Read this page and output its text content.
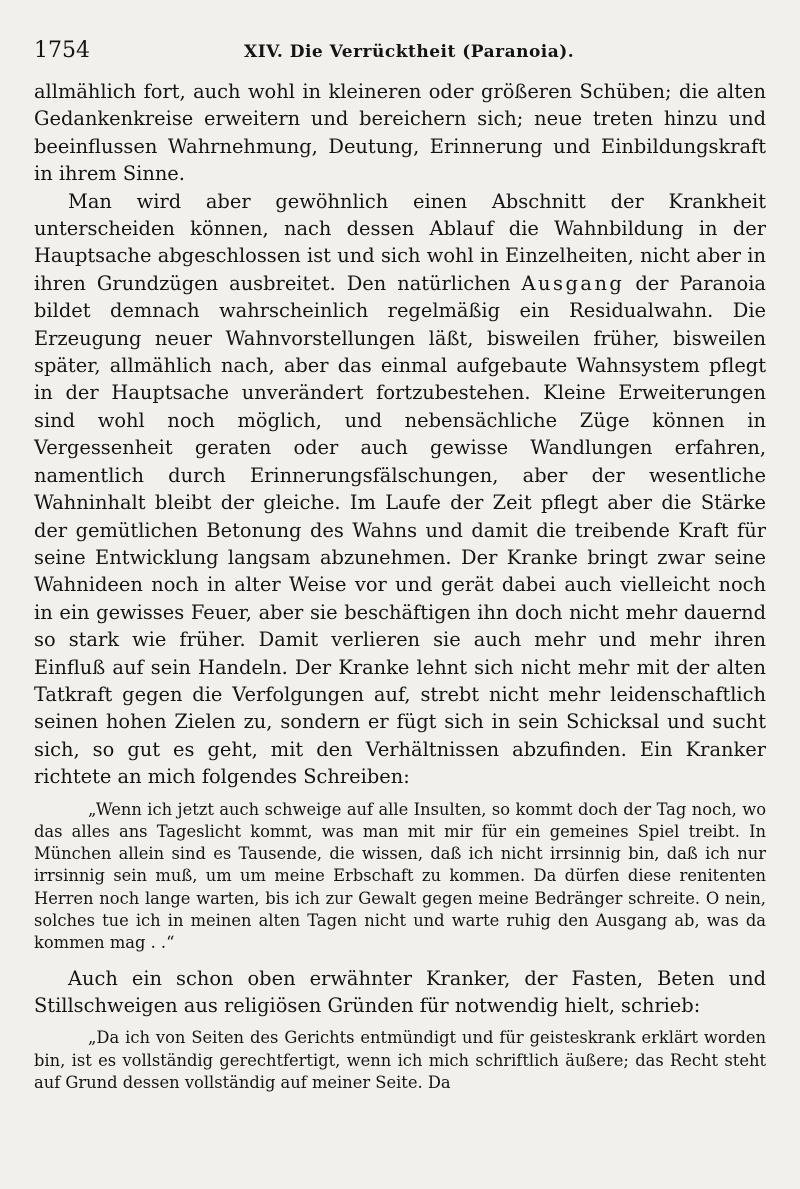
1754	XIV. Die Verrücktheit (Paranoia).

allmählich fort, auch wohl in kleineren oder größeren Schüben; die alten Gedankenkreise erweitern und bereichern sich; neue treten hinzu und beeinflussen Wahrnehmung, Deutung, Erinnerung und Einbildungskraft in ihrem Sinne.

Man wird aber gewöhnlich einen Abschnitt der Krankheit unterscheiden können, nach dessen Ablauf die Wahnbildung in der Hauptsache abgeschlossen ist und sich wohl in Einzelheiten, nicht aber in ihren Grundzügen ausbreitet. Den natürlichen Ausgang der Paranoia bildet demnach wahrscheinlich regelmäßig ein Residualwahn. Die Erzeugung neuer Wahnvorstellungen läßt, bisweilen früher, bisweilen später, allmählich nach, aber das einmal aufgebaute Wahnsystem pflegt in der Hauptsache unverändert fortzubestehen. Kleine Erweiterungen sind wohl noch möglich, und nebensächliche Züge können in Vergessenheit geraten oder auch gewisse Wandlungen erfahren, namentlich durch Erinnerungsfälschungen, aber der wesentliche Wahninhalt bleibt der gleiche. Im Laufe der Zeit pflegt aber die Stärke der gemütlichen Betonung des Wahns und damit die treibende Kraft für seine Entwicklung langsam abzunehmen. Der Kranke bringt zwar seine Wahnideen noch in alter Weise vor und gerät dabei auch vielleicht noch in ein gewisses Feuer, aber sie beschäftigen ihn doch nicht mehr dauernd so stark wie früher. Damit verlieren sie auch mehr und mehr ihren Einfluß auf sein Handeln. Der Kranke lehnt sich nicht mehr mit der alten Tatkraft gegen die Verfolgungen auf, strebt nicht mehr leidenschaftlich seinen hohen Zielen zu, sondern er fügt sich in sein Schicksal und sucht sich, so gut es geht, mit den Verhältnissen abzufinden. Ein Kranker richtete an mich folgendes Schreiben:

„Wenn ich jetzt auch schweige auf alle Insulten, so kommt doch der Tag noch, wo das alles ans Tageslicht kommt, was man mit mir für ein gemeines Spiel treibt. In München allein sind es Tausende, die wissen, daß ich nicht irrsinnig bin, daß ich nur irrsinnig sein muß, um um meine Erbschaft zu kommen. Da dürfen diese renitenten Herren noch lange warten, bis ich zur Gewalt gegen meine Bedränger schreite. O nein, solches tue ich in meinen alten Tagen nicht und warte ruhig den Ausgang ab, was da kommen mag . .“

Auch ein schon oben erwähnter Kranker, der Fasten, Beten und Stillschweigen aus religiösen Gründen für notwendig hielt, schrieb:

„Da ich von Seiten des Gerichts entmündigt und für geisteskrank erklärt worden bin, ist es vollständig gerechtfertigt, wenn ich mich schriftlich äußere; das Recht steht auf Grund dessen vollständig auf meiner Seite. Da
